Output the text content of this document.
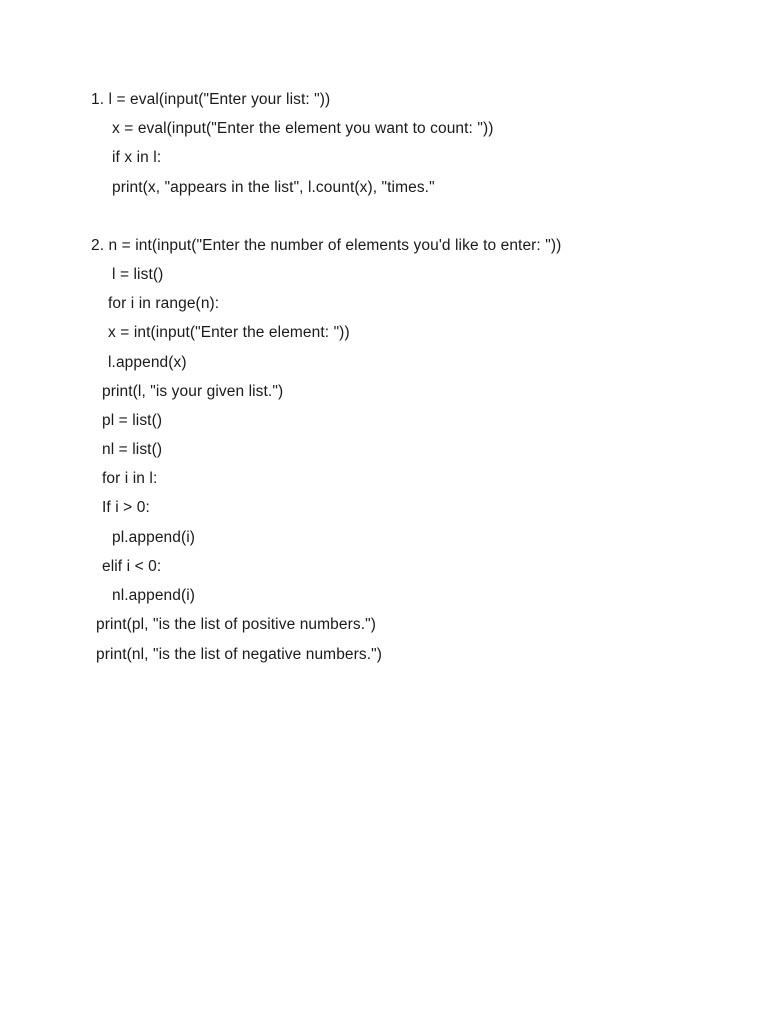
1. l = eval(input("Enter your list: "))
x = eval(input("Enter the element you want to count: "))
if x in l:
print(x, "appears in the list", l.count(x), "times."
2. n = int(input("Enter the number of elements you'd like to enter: "))
l = list()
for i in range(n):
x = int(input("Enter the element: "))
l.append(x)
print(l, "is your given list.")
pl = list()
nl = list()
for i in l:
If i > 0:
pl.append(i)
elif i < 0:
nl.append(i)
print(pl, "is the list of positive numbers.")
print(nl, "is the list of negative numbers.")
